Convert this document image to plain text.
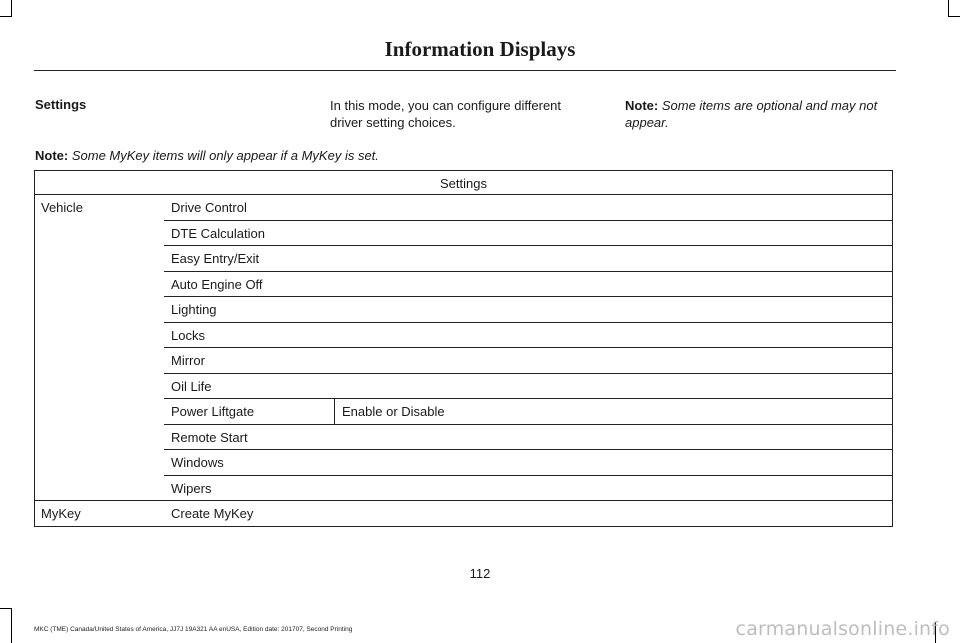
Information Displays
Settings	In this mode, you can configure different driver setting choices.
Note: Some items are optional and may not appear.
Note: Some MyKey items will only appear if a MyKey is set.
Settings
Vehicle	Drive Control
DTE Calculation
Easy Entry/Exit
Auto Engine Off
Lighting
Locks
Mirror
Oil Life
Power Liftgate	Enable or Disable
Remote Start
Windows
Wipers
MyKey	Create MyKey
112
MKC (TME) Canada/United States of America, JJ7J 19A321 AA enUSA, Edition date: 201707, Second Printing	carmanualsonline.info
